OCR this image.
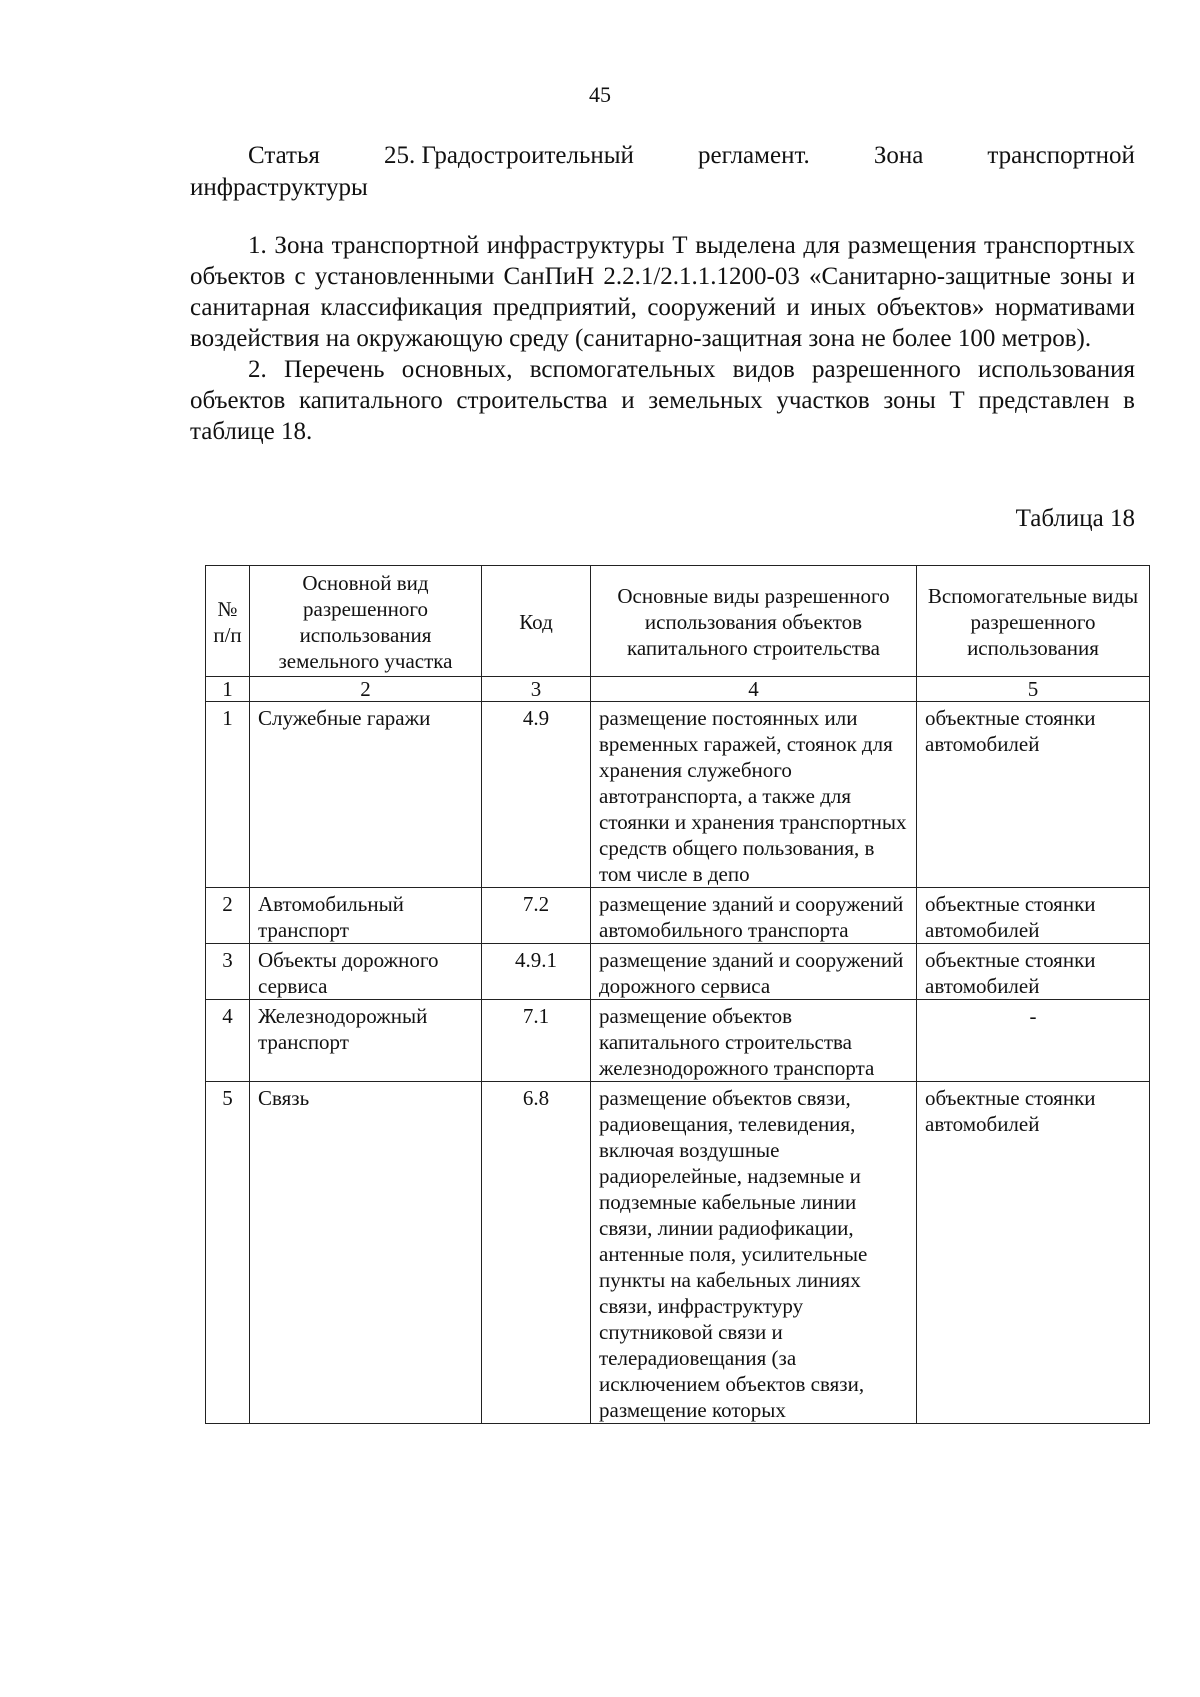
45
Статья	25. Градостроительный	регламент.	Зона	транспортной
инфраструктуры

1. Зона транспортной инфраструктуры Т выделена для размещения транспортных объектов с установленными СанПиН 2.2.1/2.1.1.1200-03 «Санитарно-защитные зоны и санитарная классификация предприятий, сооружений и иных объектов» нормативами воздействия на окружающую среду (санитарно-защитная зона не более 100 метров).

2. Перечень основных, вспомогательных видов разрешенного использования объектов капитального строительства и земельных участков зоны Т представлен в таблице 18.

Таблица 18
№ п/п	Основной вид разрешенного использования земельного участка	Код	Основные виды разрешенного использования объектов капитального строительства	Вспомогательные виды разрешенного использования
1	2	3	4	5
1	Служебные гаражи	4.9	размещение постоянных или временных гаражей, стоянок для хранения служебного автотранспорта, а также для стоянки и хранения транспортных средств общего пользования, в том числе в депо	объектные стоянки автомобилей
2	Автомобильный транспорт	7.2	размещение зданий и сооружений автомобильного транспорта	объектные стоянки автомобилей
3	Объекты дорожного сервиса	4.9.1	размещение зданий и сооружений дорожного сервиса	объектные стоянки автомобилей
4	Железнодорожный транспорт	7.1	размещение объектов капитального строительства железнодорожного транспорта	-
5	Связь	6.8	размещение объектов связи, радиовещания, телевидения, включая воздушные радиорелейные, надземные и подземные кабельные линии связи, линии радиофикации, антенные поля, усилительные пункты на кабельных линиях связи, инфраструктуру спутниковой связи и телерадиовещания (за исключением объектов связи, размещение которых	объектные стоянки автомобилей
